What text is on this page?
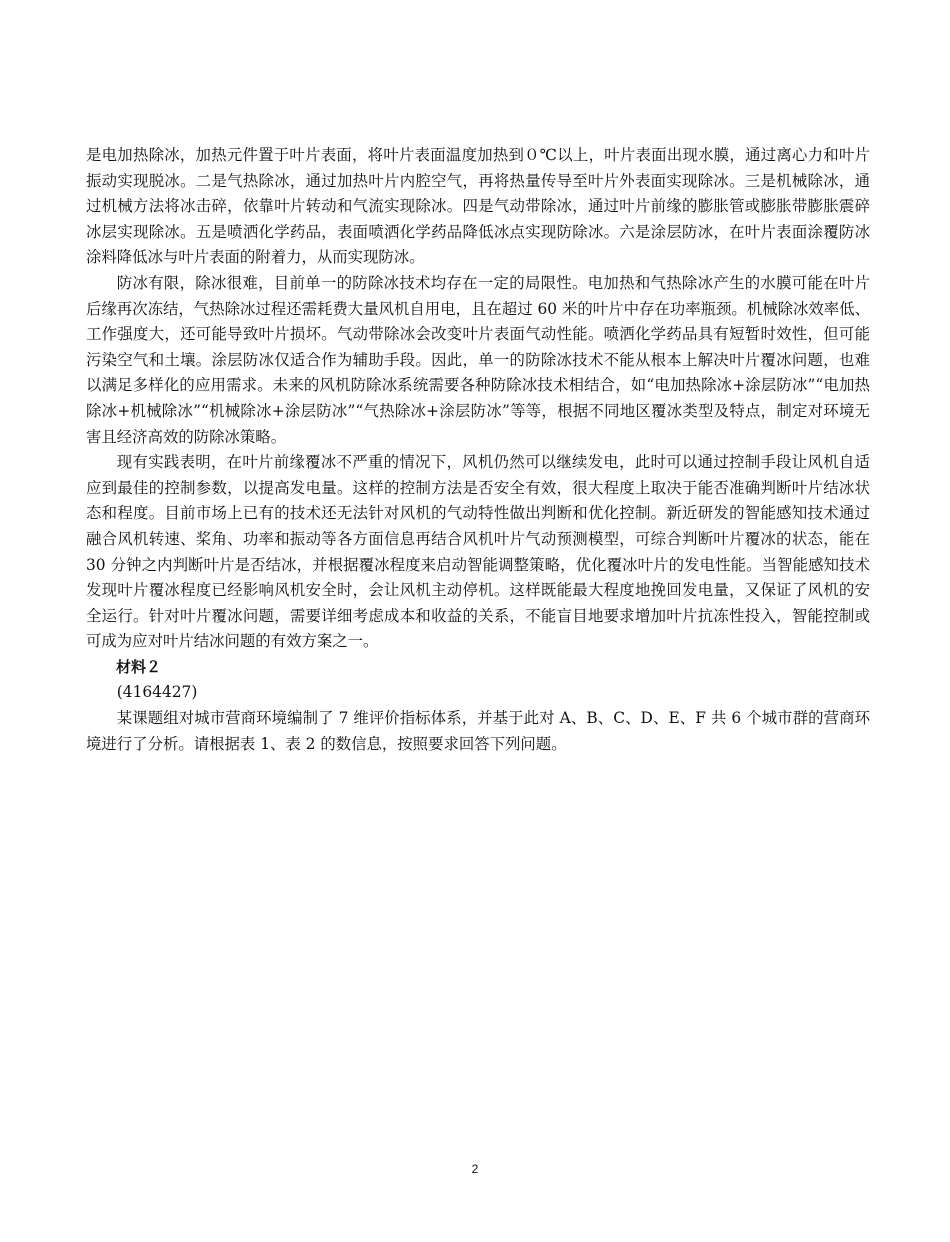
是电加热除冰，加热元件置于叶片表面，将叶片表面温度加热到０℃以上，叶片表面出现水膜，通过离心力和叶片振动实现脱冰。二是气热除冰，通过加热叶片内腔空气，再将热量传导至叶片外表面实现除冰。三是机械除冰，通过机械方法将冰击碎，依靠叶片转动和气流实现除冰。四是气动带除冰，通过叶片前缘的膨胀管或膨胀带膨胀震碎冰层实现除冰。五是喷洒化学药品，表面喷洒化学药品降低冰点实现防除冰。六是涂层防冰，在叶片表面涂覆防冰涂料降低冰与叶片表面的附着力，从而实现防冰。

防冰有限，除冰很难，目前单一的防除冰技术均存在一定的局限性。电加热和气热除冰产生的水膜可能在叶片后缘再次冻结，气热除冰过程还需耗费大量风机自用电，且在超过 60 米的叶片中存在功率瓶颈。机械除冰效率低、工作强度大，还可能导致叶片损坏。气动带除冰会改变叶片表面气动性能。喷洒化学药品具有短暂时效性，但可能污染空气和土壤。涂层防冰仅适合作为辅助手段。因此，单一的防除冰技术不能从根本上解决叶片覆冰问题，也难以满足多样化的应用需求。未来的风机防除冰系统需要各种防除冰技术相结合，如“电加热除冰+涂层防冰”“电加热除冰+机械除冰”“机械除冰+涂层防冰”“气热除冰+涂层防冰”等等，根据不同地区覆冰类型及特点，制定对环境无害且经济高效的防除冰策略。

现有实践表明，在叶片前缘覆冰不严重的情况下，风机仍然可以继续发电，此时可以通过控制手段让风机自适应到最佳的控制参数，以提高发电量。这样的控制方法是否安全有效，很大程度上取决于能否准确判断叶片结冰状态和程度。目前市场上已有的技术还无法针对风机的气动特性做出判断和优化控制。新近研发的智能感知技术通过融合风机转速、桨角、功率和振动等各方面信息再结合风机叶片气动预测模型，可综合判断叶片覆冰的状态，能在 30 分钟之内判断叶片是否结冰，并根据覆冰程度来启动智能调整策略，优化覆冰叶片的发电性能。当智能感知技术发现叶片覆冰程度已经影响风机安全时，会让风机主动停机。这样既能最大程度地挽回发电量，又保证了风机的安全运行。针对叶片覆冰问题，需要详细考虑成本和收益的关系，不能盲目地要求增加叶片抗冻性投入，智能控制或可成为应对叶片结冰问题的有效方案之一。

材料２

(4164427)

某课题组对城市营商环境编制了 7 维评价指标体系，并基于此对 A、B、C、D、E、F 共 6 个城市群的营商环境进行了分析。请根据表 1、表 2 的数信息，按照要求回答下列问题。

2
